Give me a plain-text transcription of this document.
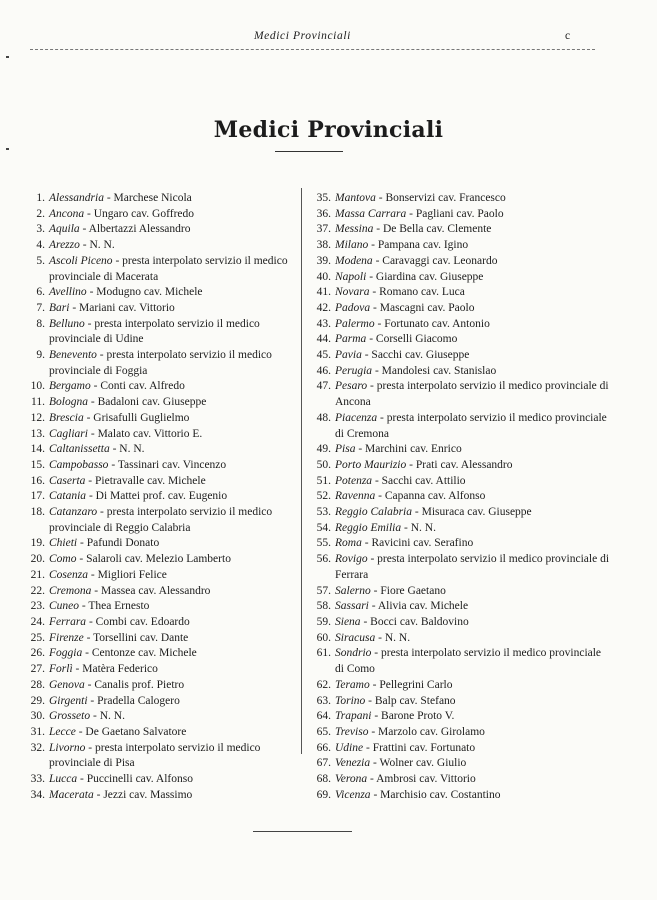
Medici Provinciali	c
Medici Provinciali
1. Alessandria - Marchese Nicola
2. Ancona - Ungaro cav. Goffredo
3. Aquila - Albertazzi Alessandro
4. Arezzo - N. N.
5. Ascoli Piceno - presta interpolato servizio il medico provinciale di Macerata
6. Avellino - Modugno cav. Michele
7. Bari - Mariani cav. Vittorio
8. Belluno - presta interpolato servizio il medico provinciale di Udine
9. Benevento - presta interpolato servizio il medico provinciale di Foggia
10. Bergamo - Conti cav. Alfredo
11. Bologna - Badaloni cav. Giuseppe
12. Brescia - Grisafulli Guglielmo
13. Cagliari - Malato cav. Vittorio E.
14. Caltanissetta - N. N.
15. Campobasso - Tassinari cav. Vincenzo
16. Caserta - Pietravalle cav. Michele
17. Catania - Di Mattei prof. cav. Eugenio
18. Catanzaro - presta interpolato servizio il medico provinciale di Reggio Calabria
19. Chieti - Pafundi Donato
20. Como - Salaroli cav. Melezio Lamberto
21. Cosenza - Migliori Felice
22. Cremona - Massea cav. Alessandro
23. Cuneo - Thea Ernesto
24. Ferrara - Combi cav. Edoardo
25. Firenze - Torsellini cav. Dante
26. Foggia - Centonze cav. Michele
27. Forlì - Matèra Federico
28. Genova - Canalis prof. Pietro
29. Girgenti - Pradella Calogero
30. Grosseto - N. N.
31. Lecce - De Gaetano Salvatore
32. Livorno - presta interpolato servizio il medico provinciale di Pisa
33. Lucca - Puccinelli cav. Alfonso
34. Macerata - Jezzi cav. Massimo
35. Mantova - Bonservizi cav. Francesco
36. Massa Carrara - Pagliani cav. Paolo
37. Messina - De Bella cav. Clemente
38. Milano - Pampana cav. Igino
39. Modena - Caravaggi cav. Leonardo
40. Napoli - Giardina cav. Giuseppe
41. Novara - Romano cav. Luca
42. Padova - Mascagni cav. Paolo
43. Palermo - Fortunato cav. Antonio
44. Parma - Corselli Giacomo
45. Pavia - Sacchi cav. Giuseppe
46. Perugia - Mandolesi cav. Stanislao
47. Pesaro - presta interpolato servizio il medico provinciale di Ancona
48. Piacenza - presta interpolato servizio il medico provinciale di Cremona
49. Pisa - Marchini cav. Enrico
50. Porto Maurizio - Prati cav. Alessandro
51. Potenza - Sacchi cav. Attilio
52. Ravenna - Capanna cav. Alfonso
53. Reggio Calabria - Misuraca cav. Giuseppe
54. Reggio Emilia - N. N.
55. Roma - Ravicini cav. Serafino
56. Rovigo - presta interpolato servizio il medico provinciale di Ferrara
57. Salerno - Fiore Gaetano
58. Sassari - Alivia cav. Michele
59. Siena - Bocci cav. Baldovino
60. Siracusa - N. N.
61. Sondrio - presta interpolato servizio il medico provinciale di Como
62. Teramo - Pellegrini Carlo
63. Torino - Balp cav. Stefano
64. Trapani - Barone Proto V.
65. Treviso - Marzolo cav. Girolamo
66. Udine - Frattini cav. Fortunato
67. Venezia - Wolner cav. Giulio
68. Verona - Ambrosi cav. Vittorio
69. Vicenza - Marchisio cav. Costantino
